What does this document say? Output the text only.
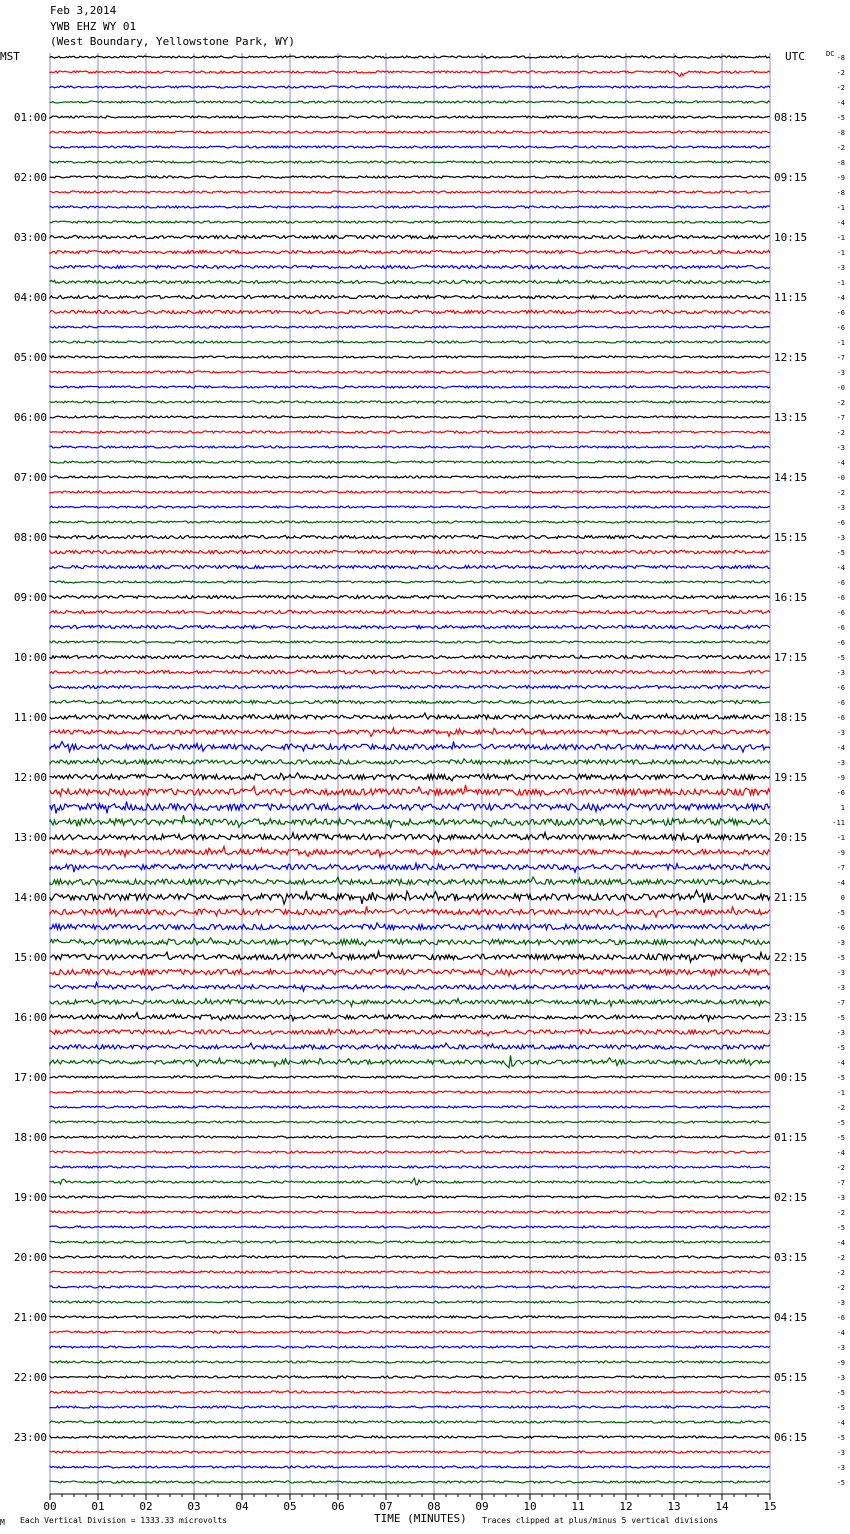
Feb 3,2014
YWB EHZ WY 01
(West Boundary, Yellowstone Park, WY)
MST	UTC
00	01	02	03	04	05	06	07	08	09	10	11	12	13	14	15
-8
-2
-2
-4
-5
-8
-2
-8
-9
-8
-1
-4
-1
-1
-3
-1
-4
-6
-6
-1
-7
-3
-0
-2
-7
-2
-3
-4
-0
-2
-3
-6
-3
-5
-4
-6
-6
-6
-6
-6
-5
-3
-6
-6
-6
-3
-4
-3
-9
-6
1
-11
-1
-9
-7
-4
0
-5
-6
-3
-5
-3
-3
-7
-5
-3
-5
-4
-5
-1
-2
-5
-5
-4
-2
-7
-3
-2
-5
-4
-2
-2
-2
-3
-6
-4
-3
-9
-3
-5
-5
-4
-5
-3
-3
-5
DC
01:00	08:15
02:00	09:15
03:00	10:15
04:00	11:15
05:00	12:15
06:00	13:15
07:00	14:15
08:00	15:15
09:00	16:15
10:00	17:15
11:00	18:15
12:00	19:15
13:00	20:15
14:00	21:15
15:00	22:15
16:00	23:15
17:00	00:15
18:00	01:15
19:00	02:15
20:00	03:15
21:00	04:15
22:00	05:15
23:00	06:15
M Each Vertical Division = 1333.33 microvolts	TIME (MINUTES) Traces clipped at plus/minus 5 vertical divisions
